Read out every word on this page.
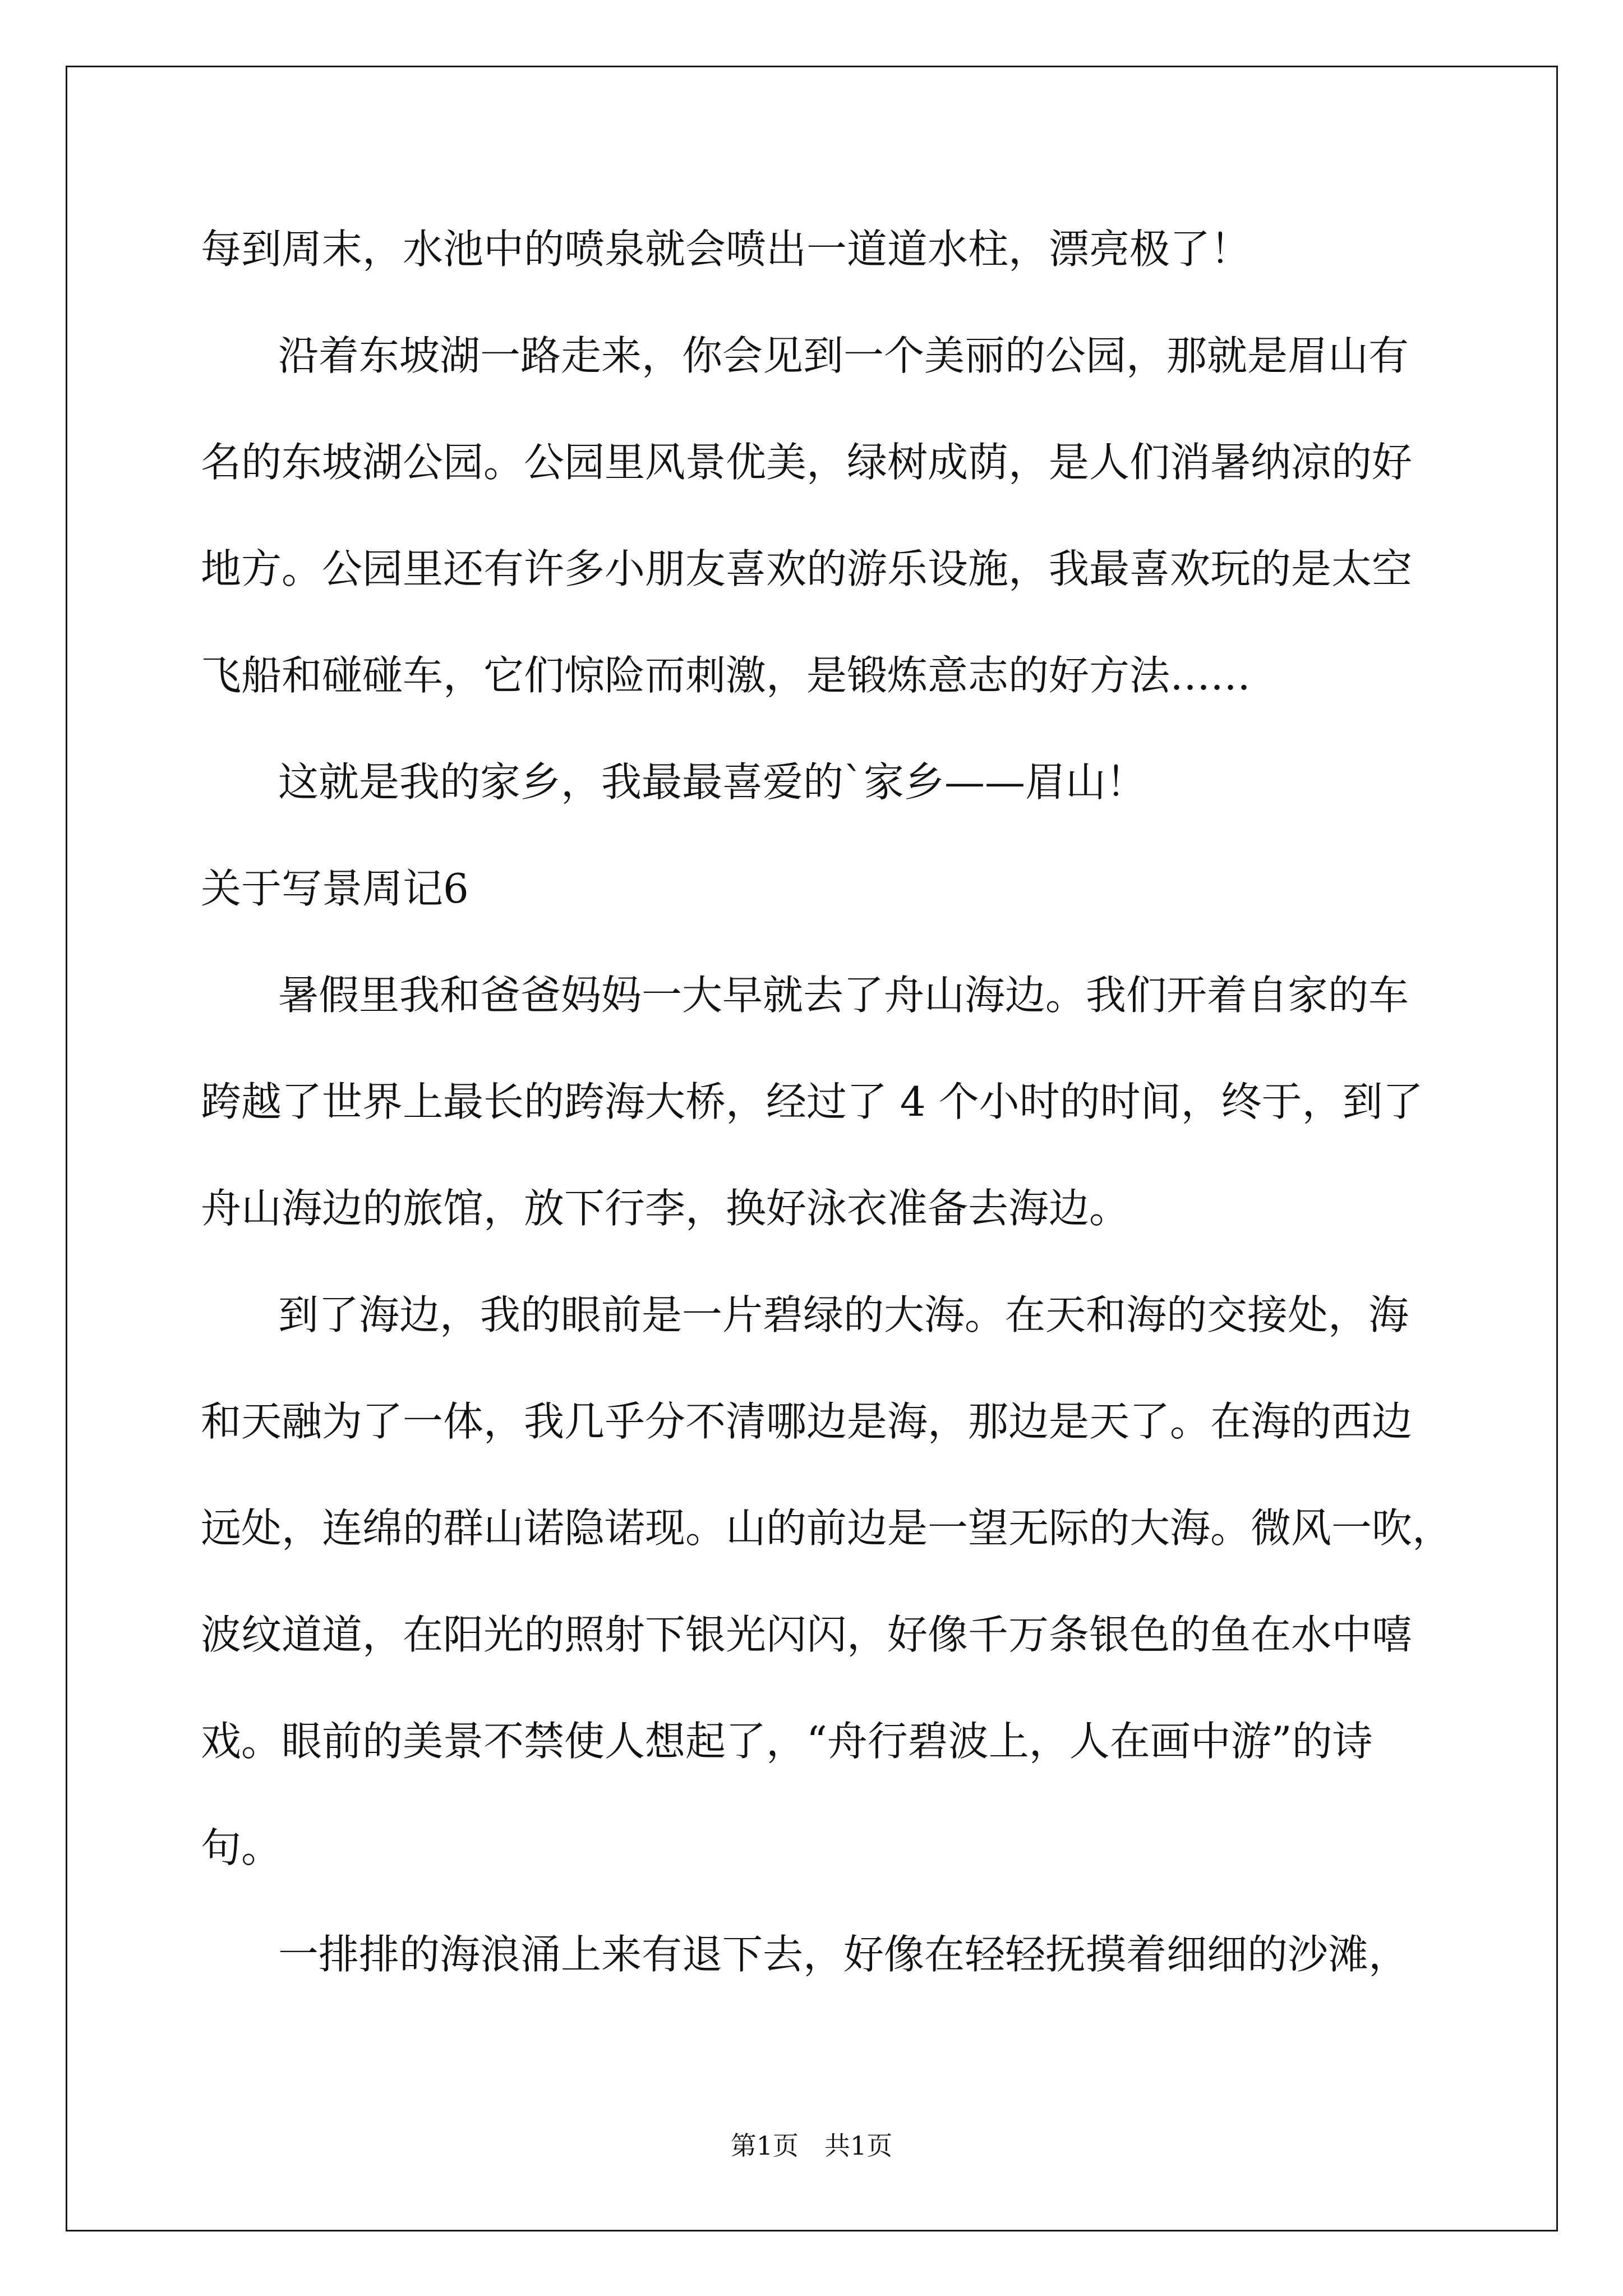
每到周末，水池中的喷泉就会喷出一道道水柱，漂亮极了！
沿着东坡湖一路走来，你会见到一个美丽的公园，那就是眉山有
名的东坡湖公园。公园里风景优美，绿树成荫，是人们消暑纳凉的好
地方。公园里还有许多小朋友喜欢的游乐设施，我最喜欢玩的是太空
飞船和碰碰车，它们惊险而刺激，是锻炼意志的好方法……
这就是我的家乡，我最最喜爱的`家乡——眉山！
关于写景周记6
暑假里我和爸爸妈妈一大早就去了舟山海边。我们开着自家的车
跨越了世界上最长的跨海大桥，经过了 4 个小时的时间，终于，到了
舟山海边的旅馆，放下行李，换好泳衣准备去海边。
到了海边，我的眼前是一片碧绿的大海。在天和海的交接处，海
和天融为了一体，我几乎分不清哪边是海，那边是天了。在海的西边
远处，连绵的群山诺隐诺现。山的前边是一望无际的大海。微风一吹，
波纹道道，在阳光的照射下银光闪闪，好像千万条银色的鱼在水中嘻
戏。眼前的美景不禁使人想起了，“舟行碧波上，人在画中游”的诗
句。
一排排的海浪涌上来有退下去，好像在轻轻抚摸着细细的沙滩，
第1页　共1页
